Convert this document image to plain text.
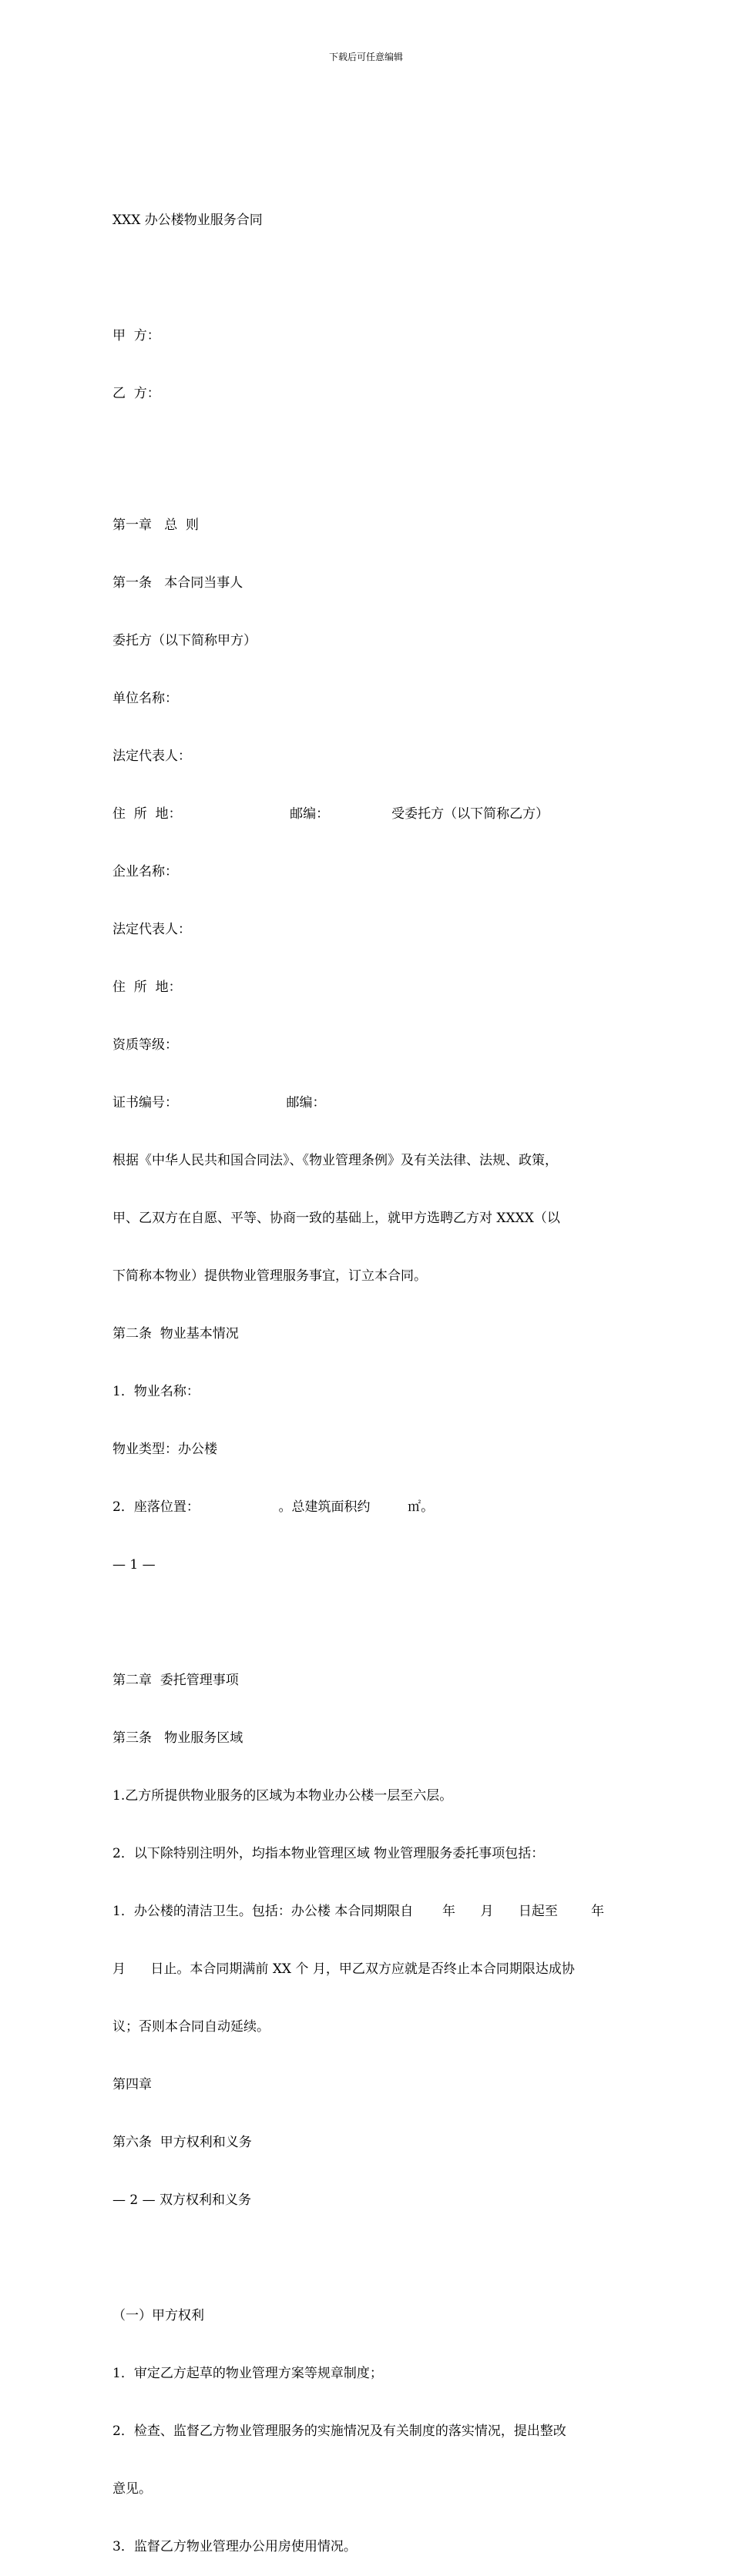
下载后可任意编辑

XXX 办公楼物业服务合同

甲  方：

乙  方：

第一章   总  则

第一条   本合同当事人

委托方（以下简称甲方）

单位名称：

法定代表人：

住  所  地：                          邮编：               受委托方（以下简称乙方）

企业名称：

法定代表人：

住  所  地：

资质等级：

证书编号：                          邮编：

根据《中华人民共和国合同法》、《物业管理条例》及有关法律、法规、政策，

甲、乙双方在自愿、平等、协商一致的基础上，就甲方选聘乙方对 XXXX（以

下简称本物业）提供物业管理服务事宜，订立本合同。

第二条  物业基本情况

1．物业名称：

物业类型：办公楼

2．座落位置：                   。总建筑面积约         ㎡。

— 1 —

第二章  委托管理事项

第三条   物业服务区域

1.乙方所提供物业服务的区域为本物业办公楼一层至六层。

2．以下除特别注明外，均指本物业管理区域 物业管理服务委托事项包括：

1．办公楼的清洁卫生。包括：办公楼 本合同期限自       年      月      日起至        年

月      日止。本合同期满前 XX 个 月，甲乙双方应就是否终止本合同期限达成协

议；否则本合同自动延续。

第四章

第六条  甲方权利和义务

— 2 — 双方权利和义务

（一）甲方权利

1．审定乙方起草的物业管理方案等规章制度；

2．检查、监督乙方物业管理服务的实施情况及有关制度的落实情况，提出整改

意见。

3．监督乙方物业管理办公用房使用情况。
